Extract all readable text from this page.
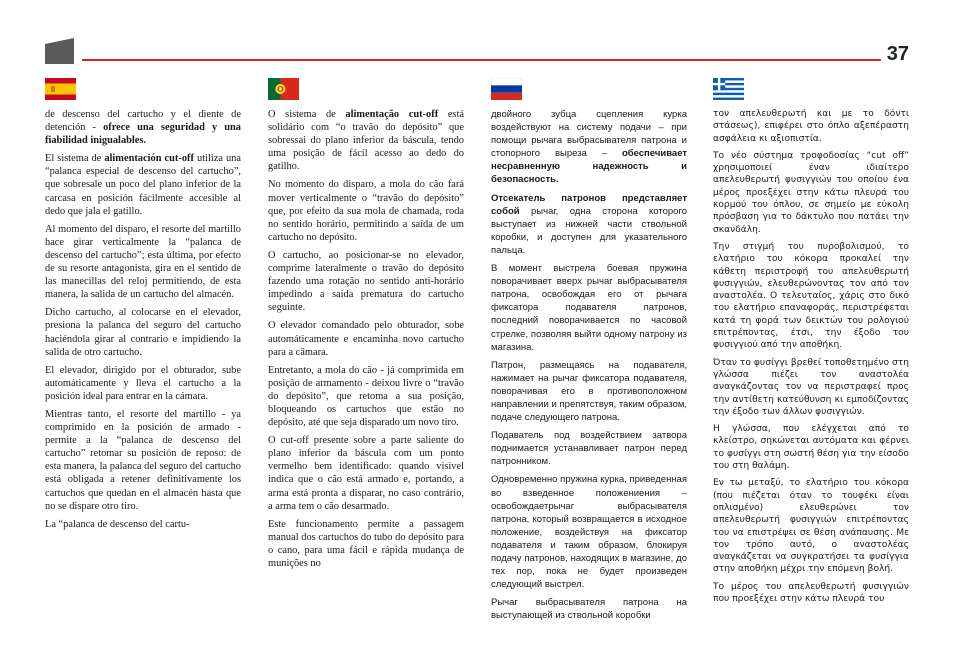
37

de descenso del cartucho y el diente de detención - ofrece una seguridad y una fiabilidad inigualables.

El sistema de alimentación cut-off utiliza una “palanca especial de descenso del cartucho”, que sobresale un poco del plano inferior de la carcasa en posición fácilmente accesible al dedo que jala el gatillo.

Al momento del disparo, el resorte del martillo hace girar verticalmente la “palanca de descenso del cartucho”; esta última, por efecto de su resorte antagonista, gira en el sentido de las manecillas del reloj permitiendo, de esta manera, la salida de un cartucho del almacén.

Dicho cartucho, al colocarse en el elevador, presiona la palanca del seguro del cartucho haciéndola girar al contrario e impidiendo la salida de otro cartucho.

El elevador, dirigido por el obturador, sube automáticamente y lleva el cartucho a la posición ideal para entrar en la cámara.

Mientras tanto, el resorte del martillo - ya comprimido en la posición de armado - permite a la “palanca de descenso del cartucho” retomar su posición de reposo: de esta manera, la palanca del seguro del cartucho está obligada a retener definitivamente los cartuchos que quedan en el almacén hasta que no se dispare otro tiro.

La “palanca de descenso del cartu-

O sistema de alimentação cut-off está solidário com “o travão do depósito” que sobressai do plano inferior da báscula, tendo uma posição de fácil acesso ao dedo do gatilho.

No momento do disparo, a mola do cão fará mover verticalmente o “travão do depósito” que, por efeito da sua mola de chamada, roda no sentido horário, permitindo a saída de um cartucho no depósito.

O cartucho, ao posicionar-se no elevador, comprime lateralmente o travão do depósito fazendo uma rotação no sentido anti-horário impedindo a saída prematura do cartucho seguinte.

O elevador comandado pelo obturador, sobe automáticamente e encaminha novo cartucho para a câmara.

Entretanto, a mola do cão - já comprimida em posição de armamento - deixou livre o “travão do depósito”, que retoma a sua posição, bloqueando os cartuchos que estão no depósito, até que seja disparado um novo tiro.

O cut-off presente sobre a parte saliente do plano inferior da báscula com um ponto vermelho bem identificado: quando visível indica que o cão está armado e, portando, a arma está pronta a disparar, no caso contrário, a arma tem o cão desarmado.

Este funcionamento permite a passagem manual dos cartuchos do tubo do depósito para o cano, para uma fácil e rápida mudança de munições no

двойного зубца сцепления курка воздействуют на систему подачи – при помощи рычага выбрасывателя патрона и стопорного выреза – обеспечивает несравненную надежность и безопасность.

Отсекатель патронов представляет собой рычаг, одна сторона которого выступает из нижней части ствольной коробки, и доступен для указательного пальца.

В момент выстрела боевая пружина поворачивает вверх рычаг выбрасывателя патрона, освобождая его от рычага фиксатора подавателя патронов, последний поворачивается по часовой стрелке, позволяя выйти одному патрону из магазина.

Патрон, размещаясь на подавателя, нажимает на рычаг фиксатора подавателя, поворачивая его в противоположном направлении и препятствуя, таким образом, подаче следующего патрона.

Подаватель под воздействием затвора поднимается устанавливает патрон перед патронником.

Одновременно пружина курка, приведенная во взведенное положениения – освобождаетрычаг выбрасывателя патрона, который возвращается в исходное положение, воздействуя на фиксатор подавателя и таким образом, блокируя подачу патронов, находящих в магазине, до тех пор, пока не будет произведен следующий выстрел.

Рычаг выбрасывателя патрона на выступающей из ствольной коробки

τον απελευθερωτή και με το δόντι στάσεως), επιφέρει στο όπλο αξεπέραστη ασφάλεια κι αξιοπιστία.

Το νέο σύστημα τροφοδοσίας “cut off” χρησιμοποιεί έναν ιδιαίτερο απελευθερωτή φυσιγγιών του οποίου ένα μέρος προεξέχει στην κάτω πλευρά του κορμού του όπλου, σε σημείο με εύκολη πρόσβαση για το δάκτυλο που πατάει την σκανδάλη.

Την στιγμή του πυροβολισμού, το ελατήριο του κόκορα προκαλεί την κάθετη περιστροφή του απελευθερωτή φυσιγγιών, ελευθερώνοντας τον από τον αναστολέα. Ο τελευταίος, χάρις στο δικό του ελατήριο επαναφοράς, περιστρέφεται κατά τη φορά των δεικτών του ρολογιού επιτρέποντας, έτσι, την έξοδο του φυσιγγιού από την αποθήκη.

Όταν το φυσίγγι βρεθεί τοποθετημένο στη γλώσσα πιέζει τον αναστολέα αναγκάζοντας τον να περιστραφεί προς την αντίθετη κατεύθυνση κι εμποδίζοντας την έξοδο των άλλων φυσιγγιών.

Η γλώσσα, που ελέγχεται από το κλείστρο, σηκώνεται αυτόματα και φέρνει το φυσίγγι στη σωστή θέση για την είσοδο του στη θαλάμη.

Εν τω μεταξύ, το ελατήριο του κόκορα (που πιέζεται όταν το τουφέκι είναι οπλισμένο) ελευθερώνει τον απελευθερωτή φυσιγγιών επιτρέποντας του να επιστρέψει σε θέση ανάπαυσης. Με τον τρόπο αυτό, ο αναστολέας αναγκάζεται να συγκρατήσει τα φυσίγγια στην αποθήκη μέχρι την επόμενη βολή.

Το μέρος του απελευθερωτή φυσιγγιών που προεξέχει στην κάτω πλευρά του
